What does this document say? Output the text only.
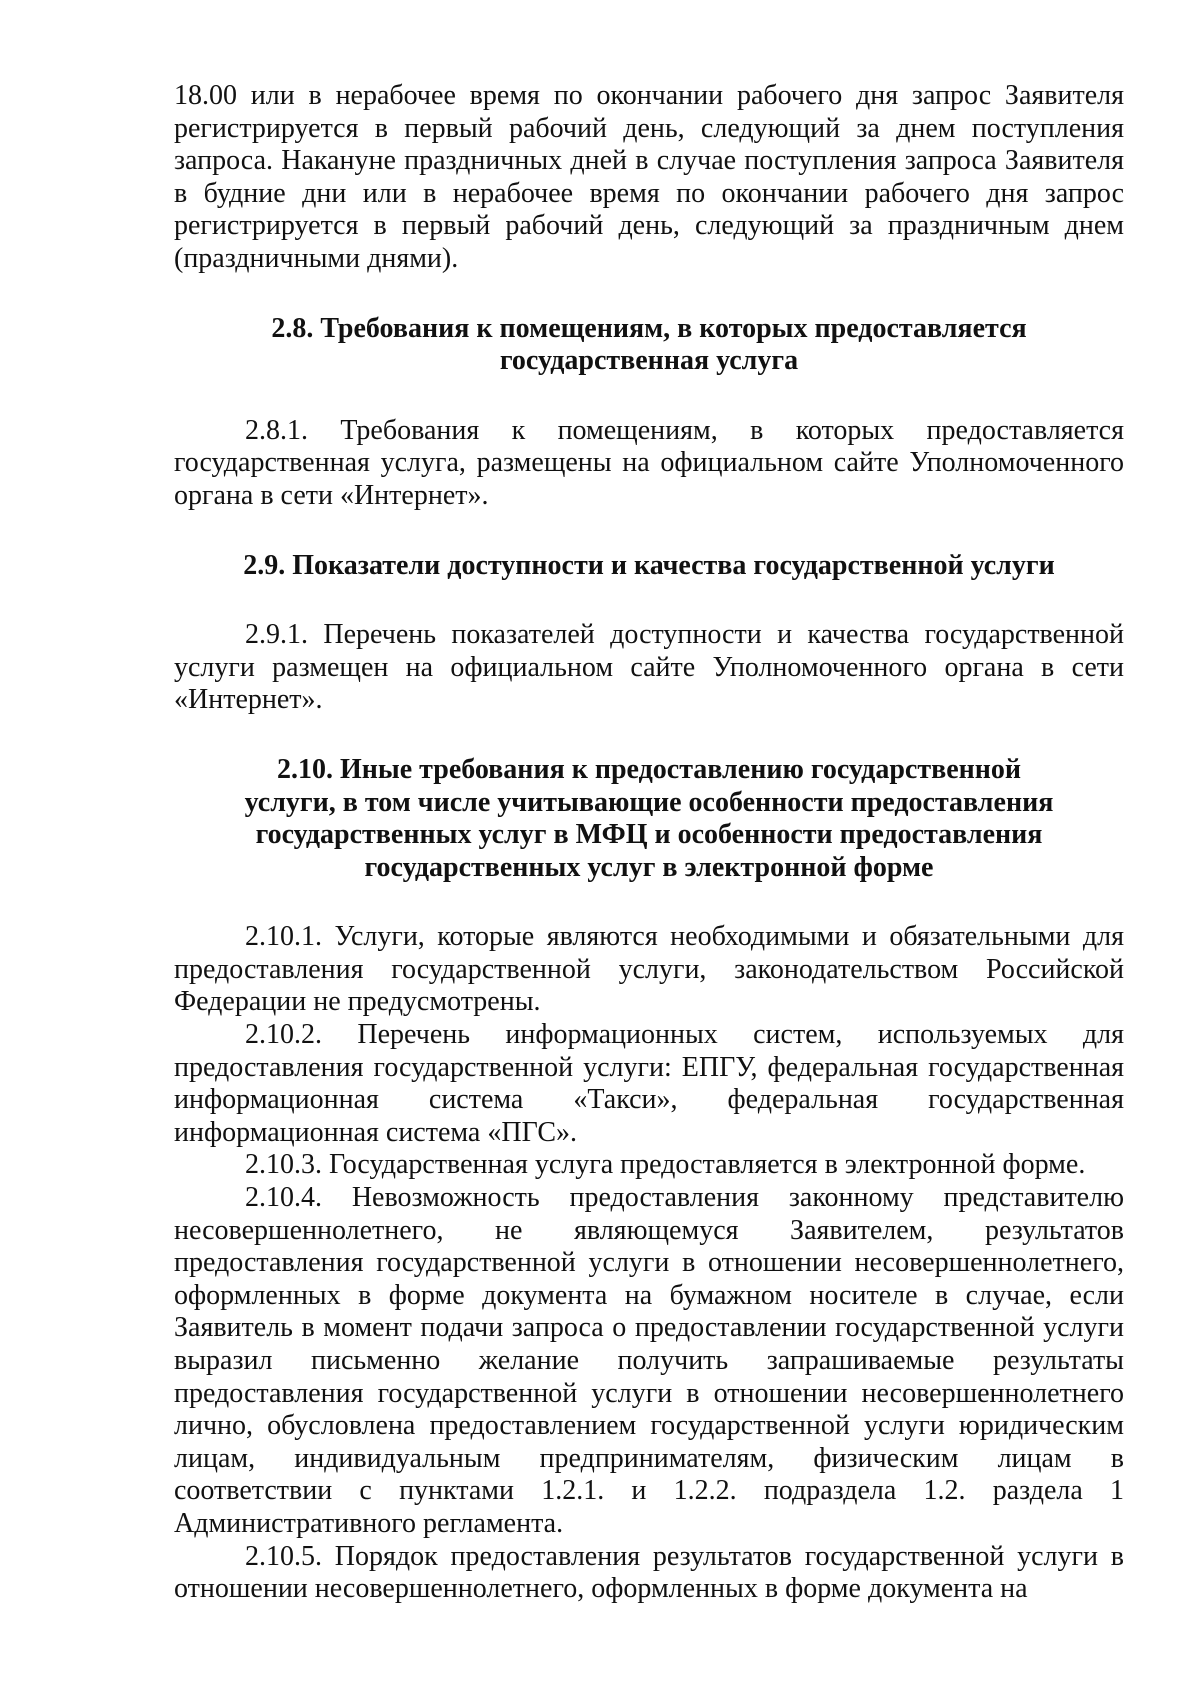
18.00 или в нерабочее время по окончании рабочего дня запрос Заявителя регистрируется в первый рабочий день, следующий за днем поступления запроса. Накануне праздничных дней в случае поступления запроса Заявителя в будние дни или в нерабочее время по окончании рабочего дня запрос регистрируется в первый рабочий день, следующий за праздничным днем (праздничными днями).

2.8. Требования к помещениям, в которых предоставляется
государственная услуга

2.8.1. Требования к помещениям, в которых предоставляется государственная услуга, размещены на официальном сайте Уполномоченного органа в сети «Интернет».

2.9. Показатели доступности и качества государственной услуги

2.9.1. Перечень показателей доступности и качества государственной услуги размещен на официальном сайте Уполномоченного органа в сети «Интернет».

2.10. Иные требования к предоставлению государственной
услуги, в том числе учитывающие особенности предоставления
государственных услуг в МФЦ и особенности предоставления
государственных услуг в электронной форме

2.10.1. Услуги, которые являются необходимыми и обязательными для предоставления государственной услуги, законодательством Российской Федерации не предусмотрены.

2.10.2. Перечень информационных систем, используемых для предоставления государственной услуги: ЕПГУ, федеральная государственная информационная система «Такси», федеральная государственная информационная система «ПГС».

2.10.3. Государственная услуга предоставляется в электронной форме.

2.10.4. Невозможность предоставления законному представителю несовершеннолетнего, не являющемуся Заявителем, результатов предоставления государственной услуги в отношении несовершеннолетнего, оформленных в форме документа на бумажном носителе в случае, если Заявитель в момент подачи запроса о предоставлении государственной услуги выразил письменно желание получить запрашиваемые результаты предоставления государственной услуги в отношении несовершеннолетнего лично, обусловлена предоставлением государственной услуги юридическим лицам, индивидуальным предпринимателям, физическим лицам в соответствии с пунктами 1.2.1. и 1.2.2. подраздела 1.2. раздела 1 Административного регламента.

2.10.5. Порядок предоставления результатов государственной услуги в отношении несовершеннолетнего, оформленных в форме документа на
